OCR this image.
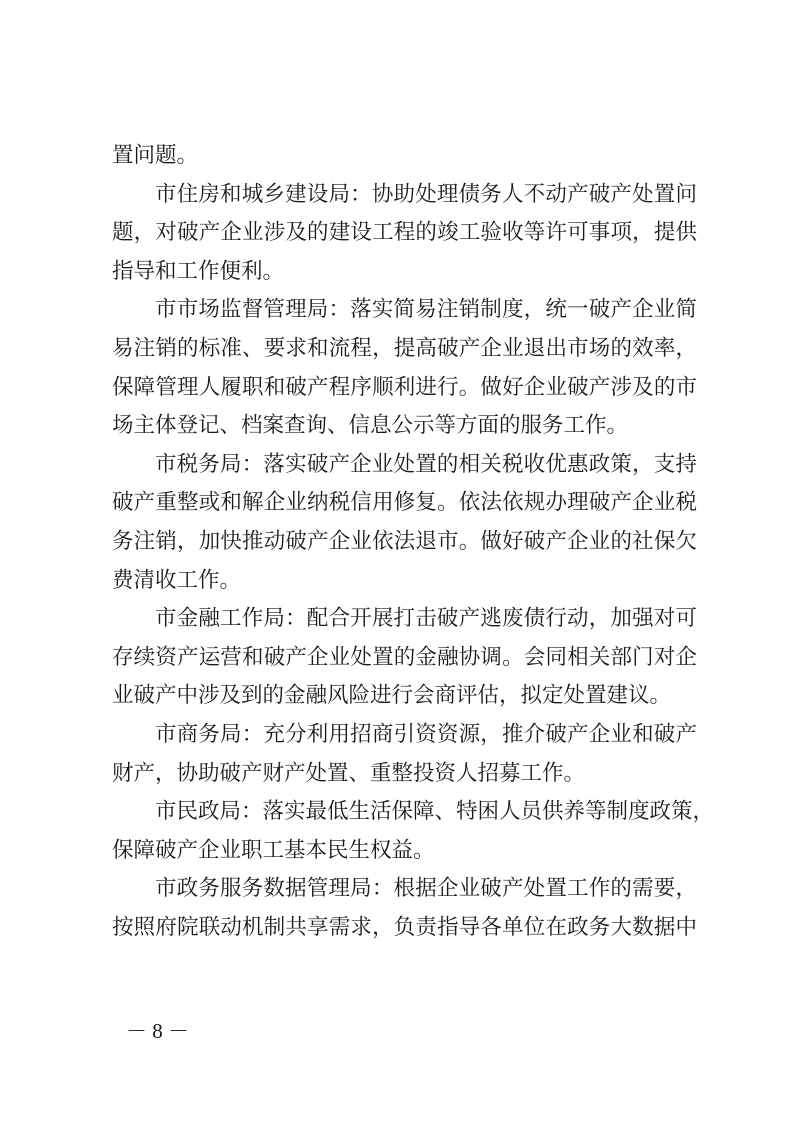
置问题。
市住房和城乡建设局：协助处理债务人不动产破产处置问
题，对破产企业涉及的建设工程的竣工验收等许可事项，提供
指导和工作便利。
市市场监督管理局：落实简易注销制度，统一破产企业简
易注销的标准、要求和流程，提高破产企业退出市场的效率，
保障管理人履职和破产程序顺利进行。做好企业破产涉及的市
场主体登记、档案查询、信息公示等方面的服务工作。
市税务局：落实破产企业处置的相关税收优惠政策，支持
破产重整或和解企业纳税信用修复。依法依规办理破产企业税
务注销，加快推动破产企业依法退市。做好破产企业的社保欠
费清收工作。
市金融工作局：配合开展打击破产逃废债行动，加强对可
存续资产运营和破产企业处置的金融协调。会同相关部门对企
业破产中涉及到的金融风险进行会商评估，拟定处置建议。
市商务局：充分利用招商引资资源，推介破产企业和破产
财产，协助破产财产处置、重整投资人招募工作。
市民政局：落实最低生活保障、特困人员供养等制度政策，
保障破产企业职工基本民生权益。
市政务服务数据管理局：根据企业破产处置工作的需要，
按照府院联动机制共享需求，负责指导各单位在政务大数据中
－ 8 －
